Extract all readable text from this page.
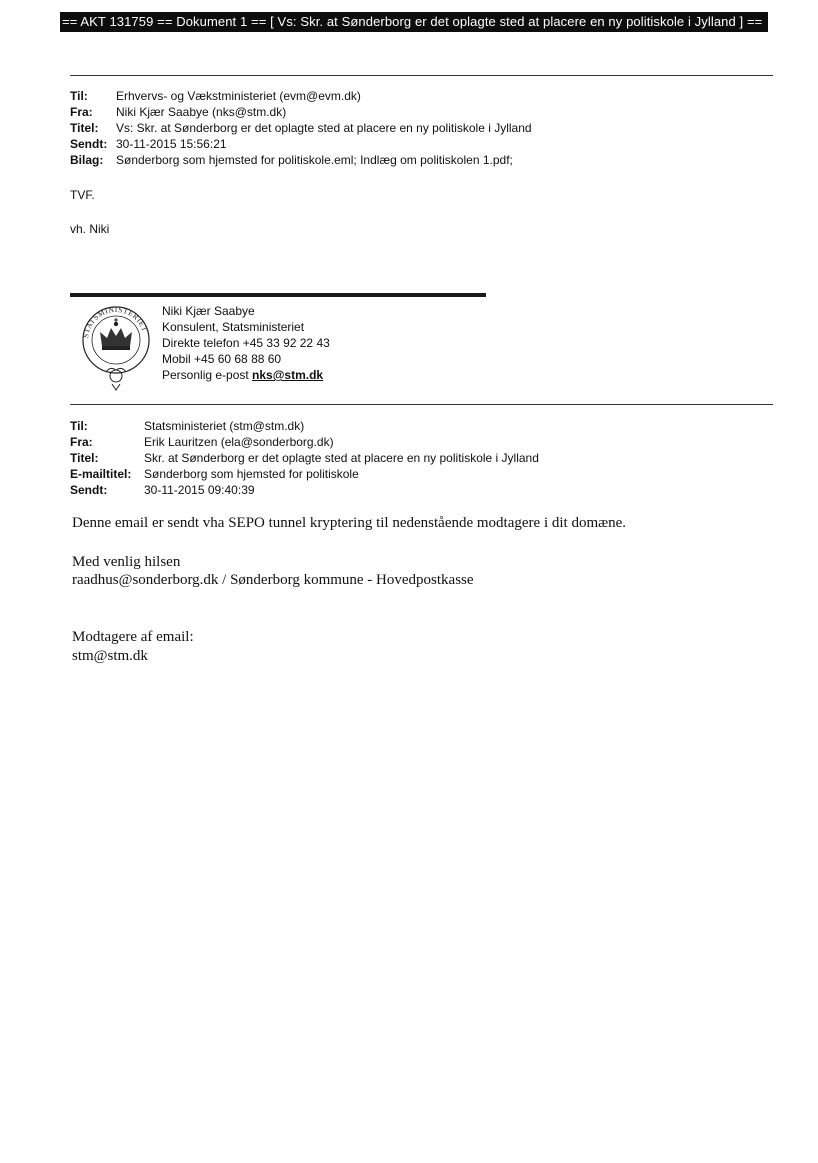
== AKT 131759 == Dokument 1 == [ Vs: Skr. at Sønderborg er det oplagte sted at placere en ny politiskole i Jylland ] ==
Til:	Erhvervs- og Vækstministeriet (evm@evm.dk)
Fra:	Niki Kjær Saabye (nks@stm.dk)
Titel:	Vs: Skr. at Sønderborg er det oplagte sted at placere en ny politiskole i Jylland
Sendt: 30-11-2015 15:56:21
Bilag:	Sønderborg som hjemsted for politiskole.eml; Indlæg om politiskolen 1.pdf;
TVF.
vh. Niki
STATSMINISTERIET
Niki Kjær Saabye
Konsulent, Statsministeriet
Direkte telefon +45 33 92 22 43
Mobil +45 60 68 88 60
Personlig e-post nks@stm.dk
Til:	Statsministeriet (stm@stm.dk)
Fra:	Erik Lauritzen (ela@sonderborg.dk)
Titel:	Skr. at Sønderborg er det oplagte sted at placere en ny politiskole i Jylland
E-mailtitel:	Sønderborg som hjemsted for politiskole
Sendt:	30-11-2015 09:40:39
Denne email er sendt vha SEPO tunnel kryptering til nedenstående modtagere i dit domæne.
Med venlig hilsen
raadhus@sonderborg.dk / Sønderborg kommune - Hovedpostkasse
Modtagere af email:
stm@stm.dk
